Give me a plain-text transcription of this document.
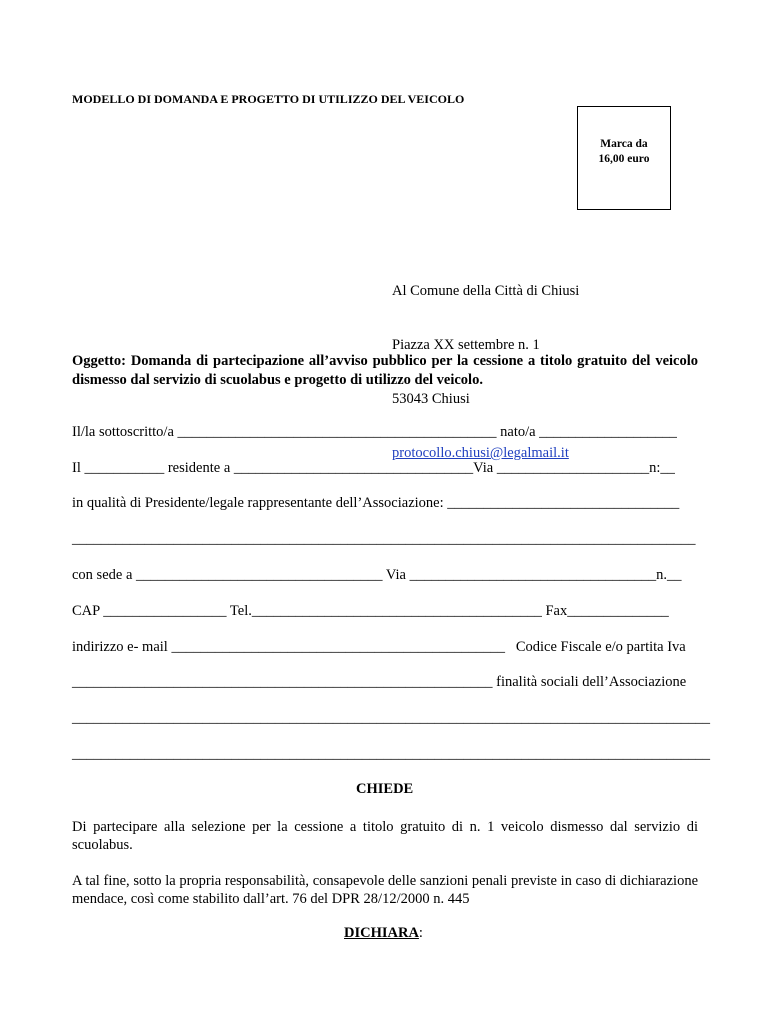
MODELLO DI DOMANDA E PROGETTO DI UTILIZZO DEL VEICOLO
Marca da
16,00 euro

Al Comune della Città di Chiusi

Piazza XX settembre n. 1

53043 Chiusi

protocollo.chiusi@legalmail.it

Oggetto: Domanda di partecipazione all’avviso pubblico per la cessione a titolo gratuito del veicolo dismesso dal servizio di scuolabus e progetto di utilizzo del veicolo.
Il/la sottoscritto/a ____________________________________________ nato/a ___________________
Il ___________ residente a _________________________________Via _____________________n:__
in qualità di Presidente/legale rappresentante dell’Associazione: ________________________________
______________________________________________________________________________________
con sede a __________________________________ Via __________________________________n.__
CAP _________________ Tel.________________________________________ Fax______________
indirizzo e- mail ______________________________________________   Codice Fiscale e/o partita Iva
__________________________________________________________ finalità sociali dell’Associazione
________________________________________________________________________________________
________________________________________________________________________________________
CHIEDE
Di partecipare alla selezione per la cessione a titolo gratuito di n. 1 veicolo dismesso dal servizio di scuolabus.
A tal fine, sotto la propria responsabilità, consapevole delle sanzioni penali previste in caso di dichiarazione mendace, così come stabilito dall’art. 76 del DPR 28/12/2000 n. 445
DICHIARA:
